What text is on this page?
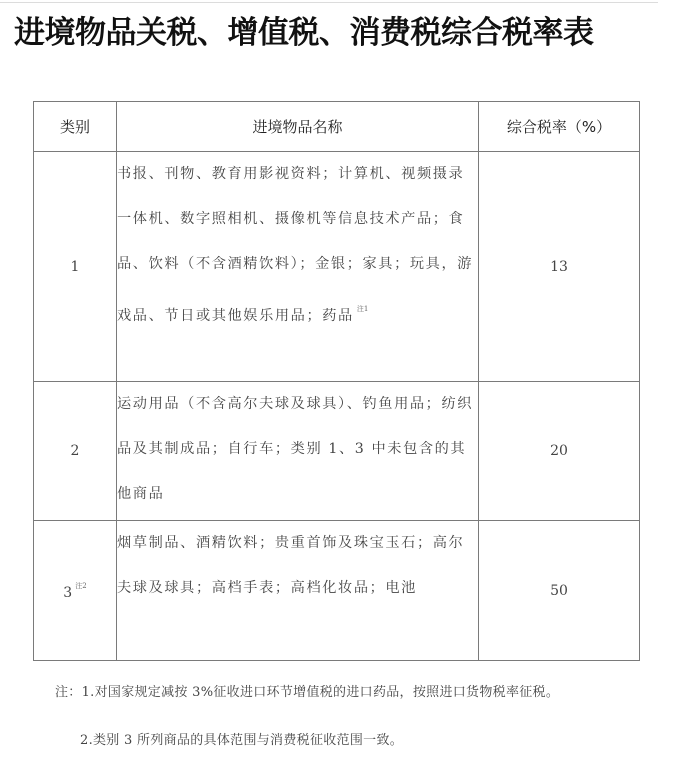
进境物品关税、增值税、消费税综合税率表
类别	进境物品名称	综合税率（%）
1	书报、刊物、教育用影视资料；计算机、视频摄录一体机、数字照相机、摄像机等信息技术产品；食品、饮料（不含酒精饮料）；金银；家具；玩具，游戏品、节日或其他娱乐用品；药品 $^{注1}$	13
2	运动用品（不含高尔夫球及球具）、钓鱼用品；纺织品及其制成品；自行车；类别 1、3 中未包含的其他商品	20
3 $^{注2}$	烟草制品、酒精饮料；贵重首饰及珠宝玉石；高尔夫球及球具；高档手表；高档化妆品；电池	50
注：1.对国家规定减按 3%征收进口环节增值税的进口药品，按照进口货物税率征税。
2.类别 3 所列商品的具体范围与消费税征收范围一致。
